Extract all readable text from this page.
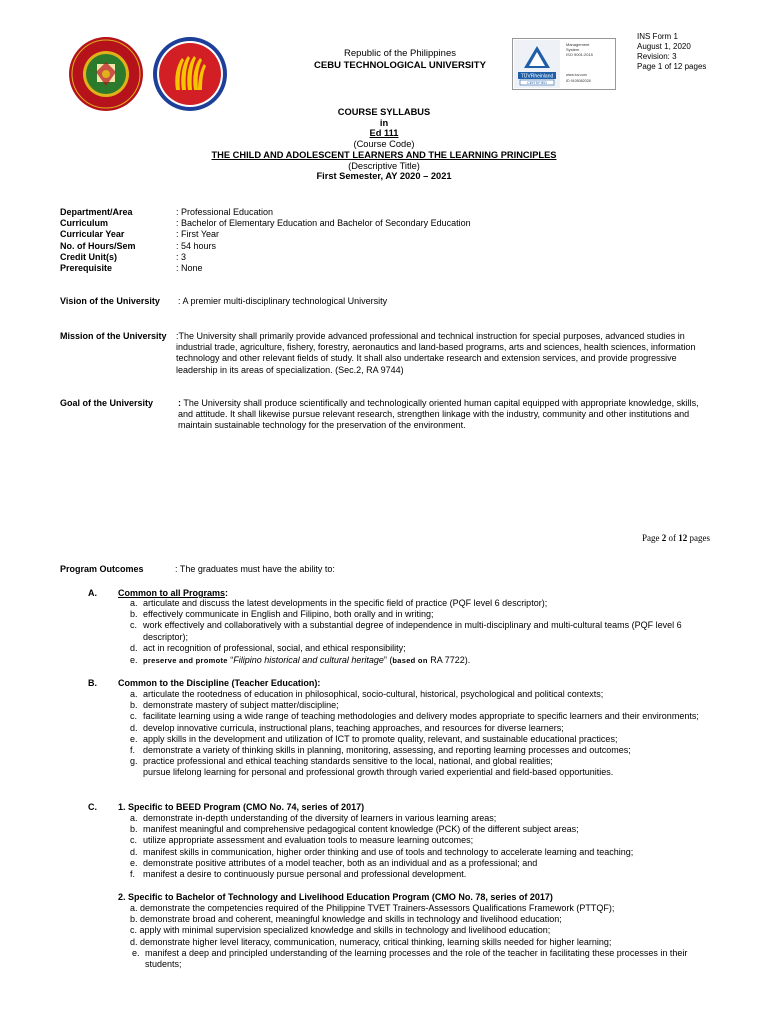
Republic of the Philippines
CEBU TECHNOLOGICAL UNIVERSITY
TÜVRheinland
CERTIFIED
Management
System
ISO 9001:2015
www.tuv.com
ID 9105082028
INS Form 1
August 1, 2020
Revision: 3
Page 1 of 12 pages
COURSE SYLLABUS
in
Ed 111
(Course Code)
THE CHILD AND ADOLESCENT LEARNERS AND THE LEARNING PRINCIPLES
(Descriptive Title)
First Semester, AY 2020 – 2021
Department/Area	: Professional Education
Curriculum	: Bachelor of Elementary Education and Bachelor of Secondary Education
Curricular Year	: First Year
No. of Hours/Sem	: 54 hours
Credit Unit(s)	: 3
Prerequisite	: None
Vision of the University	: A premier multi-disciplinary technological University
Mission of the University	:The University shall primarily provide advanced professional and technical instruction for special purposes, advanced studies in industrial trade, agriculture, fishery, forestry, aeronautics and land-based programs, arts and sciences, health sciences, information technology and other relevant fields of study. It shall also undertake research and extension services, and provide progressive leadership in its areas of specialization. (Sec.2, RA 9744)
Goal of the University	: The University shall produce scientifically and technologically oriented human capital equipped with appropriate knowledge, skills, and attitude. It shall likewise pursue relevant research, strengthen linkage with the industry, community and other institutions and maintain sustainable technology for the preservation of the environment.
Page 2 of 12 pages
Program Outcomes	: The graduates must have the ability to:
A. Common to all Programs:
a. articulate and discuss the latest developments in the specific field of practice (PQF level 6 descriptor);
b. effectively communicate in English and Filipino, both orally and in writing;
c. work effectively and collaboratively with a substantial degree of independence in multi-disciplinary and multi-cultural teams (PQF level 6 descriptor);
d. act in recognition of professional, social, and ethical responsibility;
e. preserve and promote “Filipino historical and cultural heritage” (based on RA 7722).
B. Common to the Discipline (Teacher Education):
a. articulate the rootedness of education in philosophical, socio-cultural, historical, psychological and political contexts;
b. demonstrate mastery of subject matter/discipline;
c. facilitate learning using a wide range of teaching methodologies and delivery modes appropriate to specific learners and their environments;
d. develop innovative curricula, instructional plans, teaching approaches, and resources for diverse learners;
e. apply skills in the development and utilization of ICT to promote quality, relevant, and sustainable educational practices;
f. demonstrate a variety of thinking skills in planning, monitoring, assessing, and reporting learning processes and outcomes;
g. practice professional and ethical teaching standards sensitive to the local, national, and global realities;
pursue lifelong learning for personal and professional growth through varied experiential and field-based opportunities.
C. 1. Specific to BEED Program (CMO No. 74, series of 2017)
a. demonstrate in-depth understanding of the diversity of learners in various learning areas;
b. manifest meaningful and comprehensive pedagogical content knowledge (PCK) of the different subject areas;
c. utilize appropriate assessment and evaluation tools to measure learning outcomes;
d. manifest skills in communication, higher order thinking and use of tools and technology to accelerate learning and teaching;
e. demonstrate positive attributes of a model teacher, both as an individual and as a professional; and
f. manifest a desire to continuously pursue personal and professional development.
2. Specific to Bachelor of Technology and Livelihood Education Program (CMO No. 78, series of 2017)
a. demonstrate the competencies required of the Philippine TVET Trainers-Assessors Qualifications Framework (PTTQF);
b. demonstrate broad and coherent, meaningful knowledge and skills in technology and livelihood education;
c. apply with minimal supervision specialized knowledge and skills in technology and livelihood education;
d. demonstrate higher level literacy, communication, numeracy, critical thinking, learning skills needed for higher learning;
e. manifest a deep and principled understanding of the learning processes and the role of the teacher in facilitating these processes in their students;
